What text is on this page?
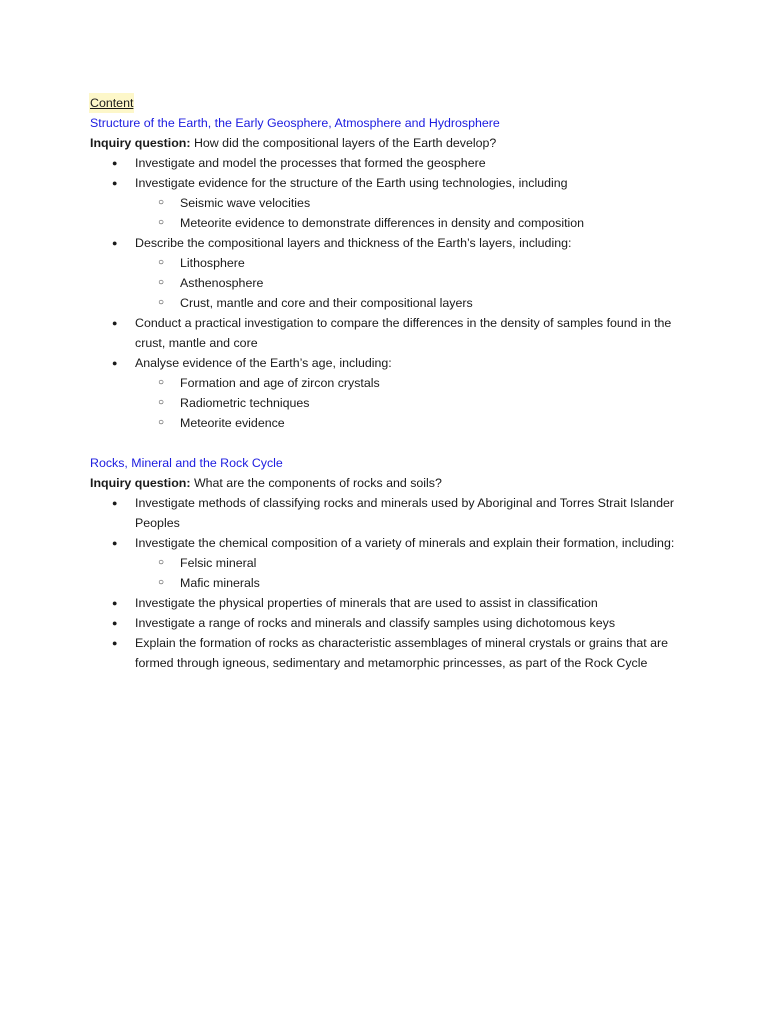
Content
Structure of the Earth, the Early Geosphere, Atmosphere and Hydrosphere
Inquiry question: How did the compositional layers of the Earth develop?
● Investigate and model the processes that formed the geosphere
● Investigate evidence for the structure of the Earth using technologies, including
○ Seismic wave velocities
○ Meteorite evidence to demonstrate differences in density and composition
● Describe the compositional layers and thickness of the Earth’s layers, including:
○ Lithosphere
○ Asthenosphere
○ Crust, mantle and core and their compositional layers
● Conduct a practical investigation to compare the differences in the density of samples found in the crust, mantle and core
● Analyse evidence of the Earth’s age, including:
○ Formation and age of zircon crystals
○ Radiometric techniques
○ Meteorite evidence
Rocks, Mineral and the Rock Cycle
Inquiry question: What are the components of rocks and soils?
● Investigate methods of classifying rocks and minerals used by Aboriginal and Torres Strait Islander Peoples
● Investigate the chemical composition of a variety of minerals and explain their formation, including:
○ Felsic mineral
○ Mafic minerals
● Investigate the physical properties of minerals that are used to assist in classification
● Investigate a range of rocks and minerals and classify samples using dichotomous keys
● Explain the formation of rocks as characteristic assemblages of mineral crystals or grains that are formed through igneous, sedimentary and metamorphic princesses, as part of the Rock Cycle
